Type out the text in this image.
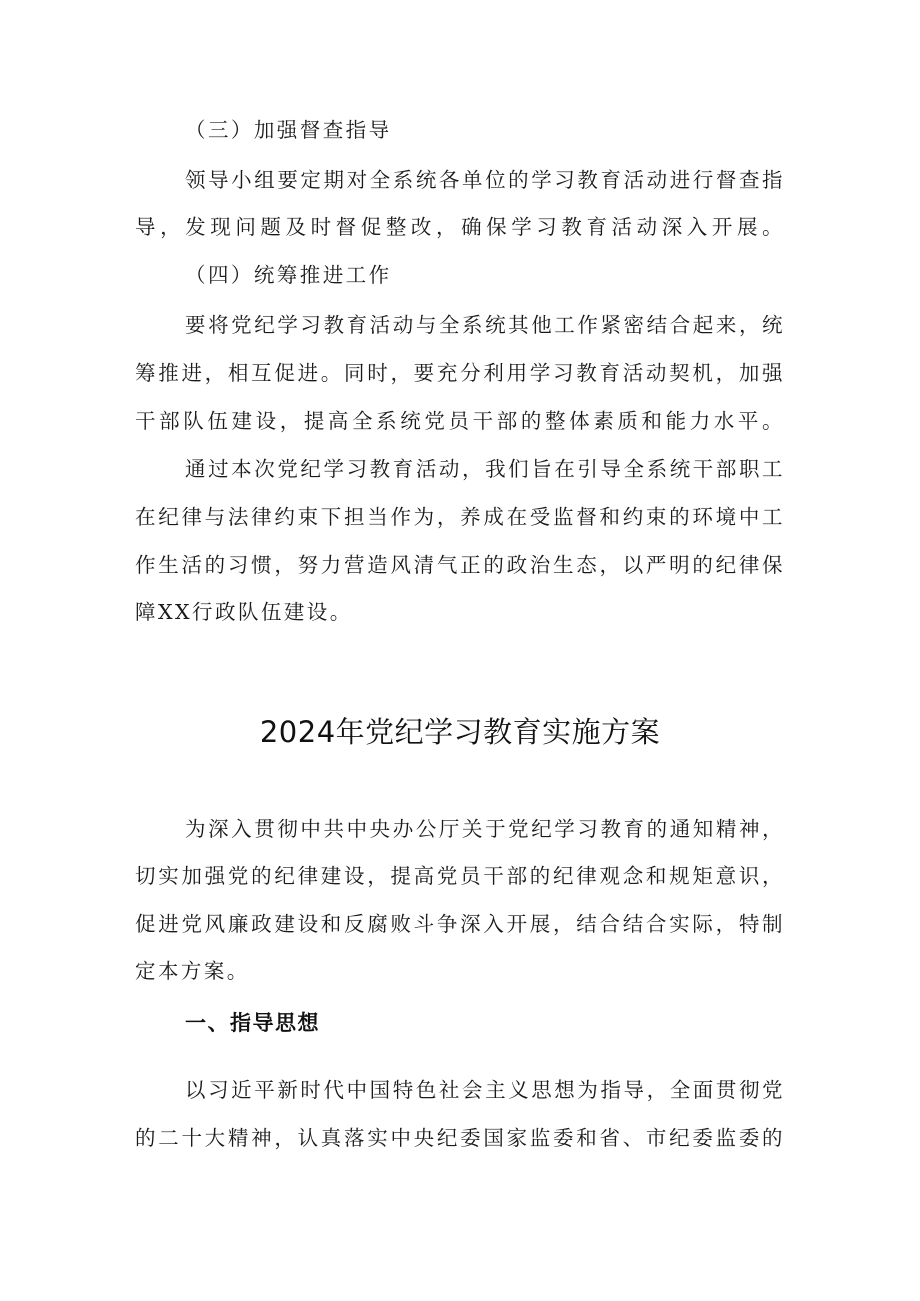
（三）加强督查指导
领导小组要定期对全系统各单位的学习教育活动进行督查指
导，发现问题及时督促整改，确保学习教育活动深入开展。
（四）统筹推进工作
要将党纪学习教育活动与全系统其他工作紧密结合起来，统
筹推进，相互促进。同时，要充分利用学习教育活动契机，加强
干部队伍建设，提高全系统党员干部的整体素质和能力水平。
通过本次党纪学习教育活动，我们旨在引导全系统干部职工
在纪律与法律约束下担当作为，养成在受监督和约束的环境中工
作生活的习惯，努力营造风清气正的政治生态，以严明的纪律保
障XX行政队伍建设。
2024年党纪学习教育实施方案
为深入贯彻中共中央办公厅关于党纪学习教育的通知精神，
切实加强党的纪律建设，提高党员干部的纪律观念和规矩意识，
促进党风廉政建设和反腐败斗争深入开展，结合结合实际，特制
定本方案。
一、指导思想
以习近平新时代中国特色社会主义思想为指导，全面贯彻党
的二十大精神，认真落实中央纪委国家监委和省、市纪委监委的
